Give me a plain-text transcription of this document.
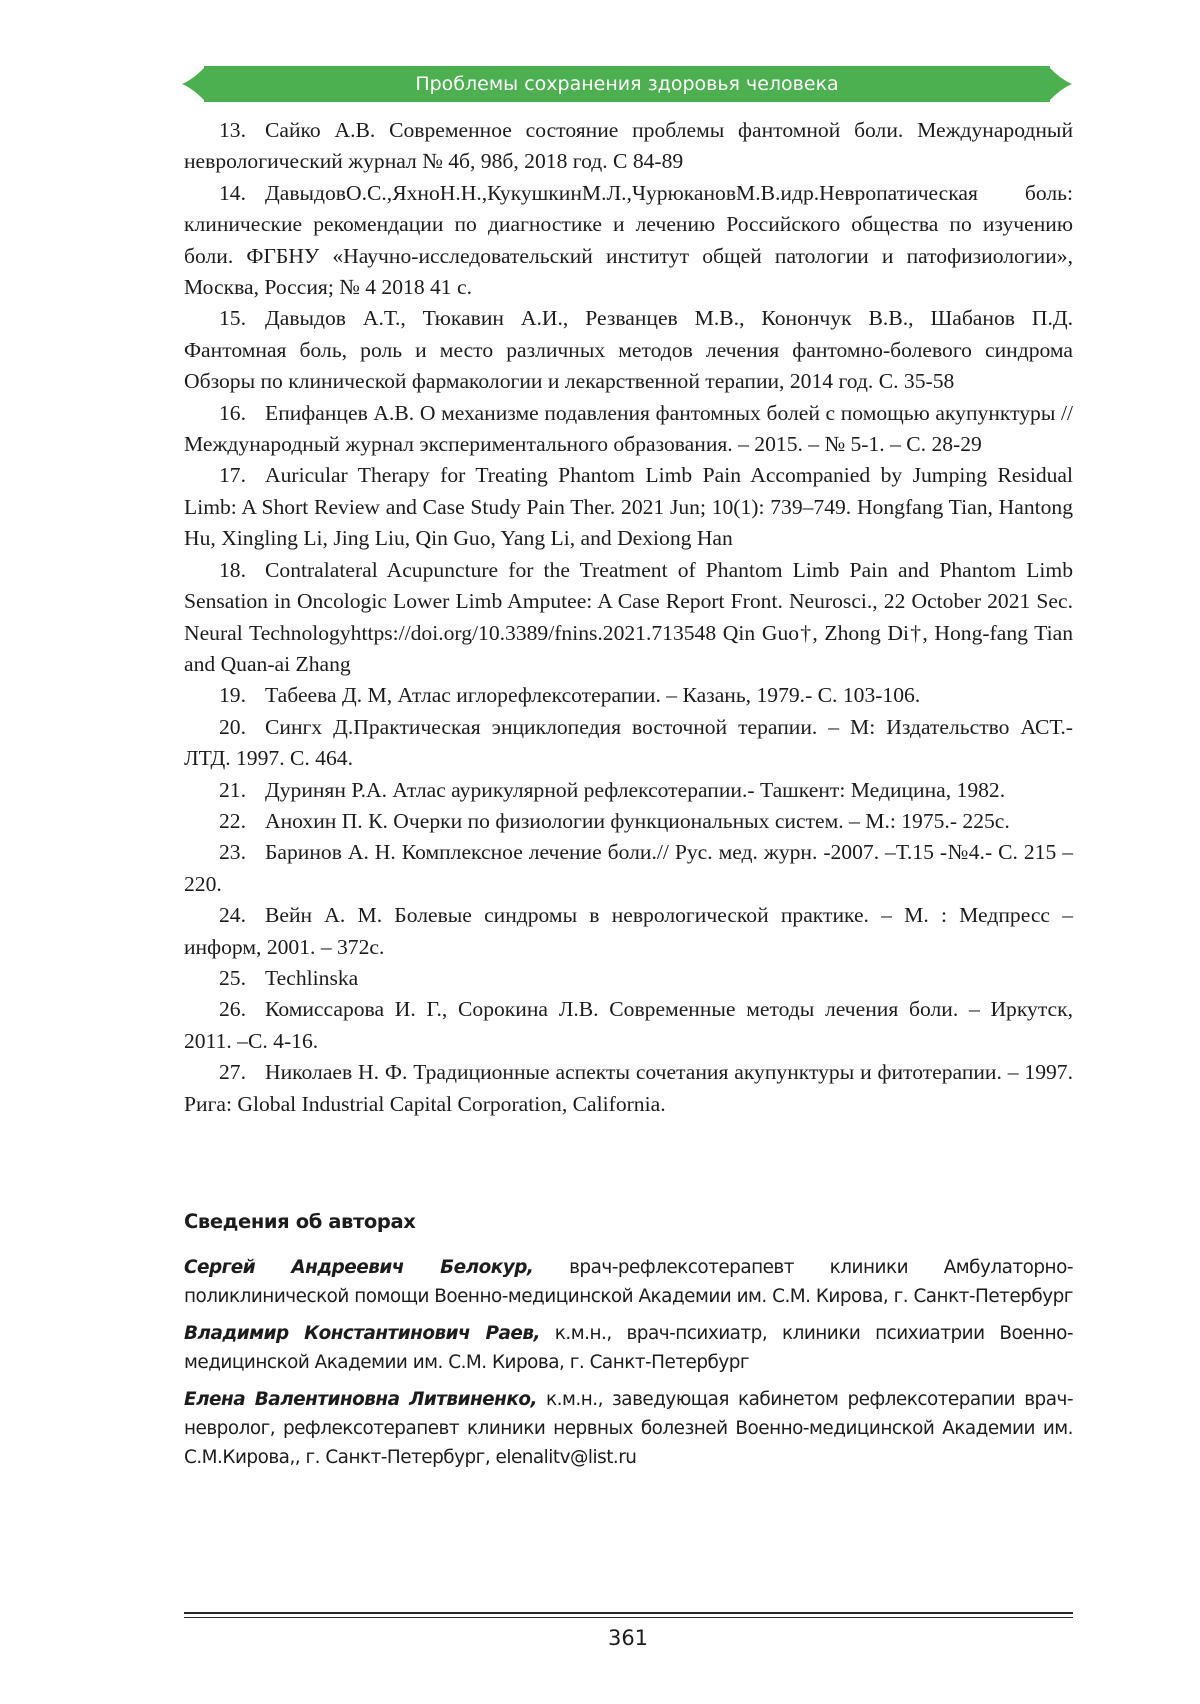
Проблемы сохранения здоровья человека

13. Сайко А.В. Современное состояние проблемы фантомной боли. Международный неврологический журнал № 4б, 98б, 2018 год. С 84-89

14. ДавыдовО.С.,ЯхноН.Н.,КукушкинМ.Л.,ЧурюкановМ.В.идр.Невропатическая боль: клинические рекомендации по диагностике и лечению Российского общества по изучению боли. ФГБНУ «Научно-исследовательский институт общей патологии и патофизиологии», Москва, Россия; № 4 2018 41 с.

15. Давыдов А.Т., Тюкавин А.И., Резванцев М.В., Конончук В.В., Шабанов П.Д. Фантомная боль, роль и место различных методов лечения фантомно-болевого синдрома Обзоры по клинической фармакологии и лекарственной терапии, 2014 год. С. 35-58

16. Епифанцев А.В. О механизме подавления фантомных болей с помощью акупунктуры // Международный журнал экспериментального образования. – 2015. – № 5-1. – С. 28-29

17. Auricular Therapy for Treating Phantom Limb Pain Accompanied by Jumping Residual Limb: A Short Review and Case Study Pain Ther. 2021 Jun; 10(1): 739–749. Hongfang Tian, Hantong Hu, Xingling Li, Jing Liu, Qin Guo, Yang Li, and Dexiong Han

18. Contralateral Acupuncture for the Treatment of Phantom Limb Pain and Phantom Limb Sensation in Oncologic Lower Limb Amputee: A Case Report Front. Neurosci., 22 October 2021 Sec. Neural Technologyhttps://doi.org/10.3389/fnins.2021.713548 Qin Guo†, Zhong Di†, Hong-fang Tian and Quan-ai Zhang

19. Табеева Д. М, Атлас иглорефлексотерапии. – Казань, 1979.- С. 103-106.

20. Сингх Д.Практическая энциклопедия восточной терапии. – М: Издательство АСТ.- ЛТД. 1997. С. 464.

21. Дуринян Р.А. Атлас аурикулярной рефлексотерапии.- Ташкент: Медицина, 1982.

22. Анохин П. К. Очерки по физиологии функциональных систем. – М.: 1975.- 225с.

23. Баринов А. Н. Комплексное лечение боли.// Рус. мед. журн. -2007. –Т.15 -№4.- С. 215 – 220.

24. Вейн А. М. Болевые синдромы в неврологической практике. – М. : Медпресс – информ, 2001. – 372с.

25. Techlinska

26. Комиссарова И. Г., Сорокина Л.В. Современные методы лечения боли. – Иркутск, 2011. –С. 4-16.

27. Николаев Н. Ф. Традиционные аспекты сочетания акупунктуры и фитотерапии. – 1997. Рига: Global Industrial Capital Corporation, California.

Сведения об авторах

Сергей Андреевич Белокур, врач-рефлексотерапевт клиники Амбулаторно-поликлинической помощи Военно-медицинской Академии им. С.М. Кирова, г. Санкт-Петербург

Владимир Константинович Раев, к.м.н., врач-психиатр, клиники психиатрии Военно-медицинской Академии им. С.М. Кирова, г. Санкт-Петербург

Елена Валентиновна Литвиненко, к.м.н., заведующая кабинетом рефлексотерапии врач-невролог, рефлексотерапевт клиники нервных болезней Военно-медицинской Академии им. С.М.Кирова,, г. Санкт-Петербург, elenalitv@list.ru

361
